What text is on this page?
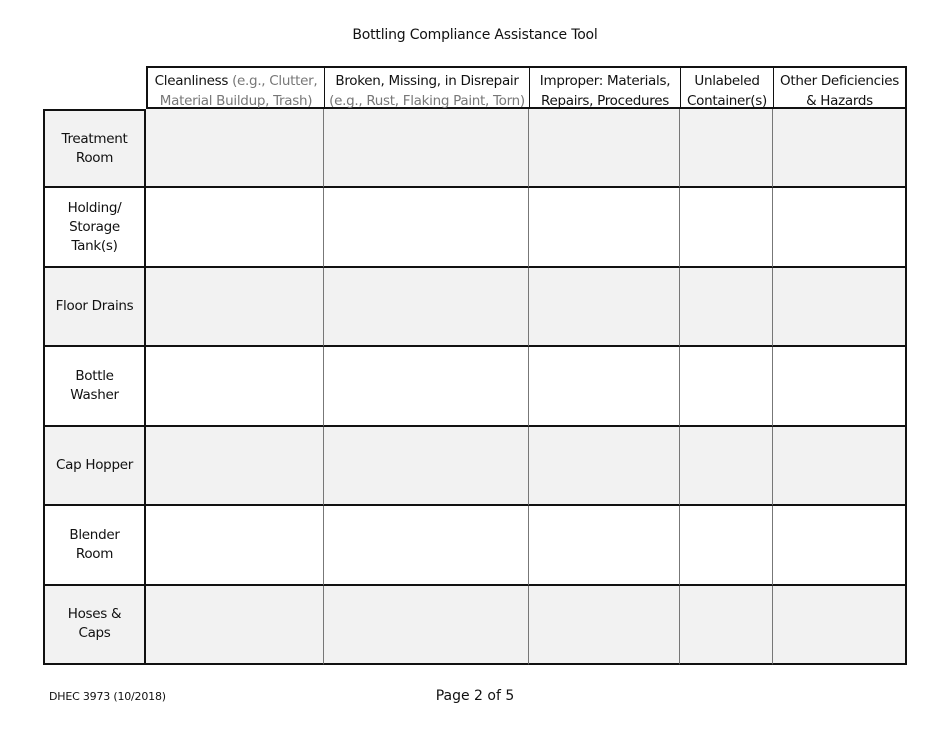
Bottling Compliance Assistance Tool
Cleanliness (e.g., Clutter, Material Buildup, Trash)
Broken, Missing, in Disrepair
(e.g., Rust, Flaking Paint, Torn)
Improper: Materials, Repairs, Procedures
Unlabeled Container(s)
Other Deficiencies & Hazards
Treatment Room
Holding/ Storage Tank(s)
Floor Drains
Bottle Washer
Cap Hopper
Blender Room
Hoses & Caps
DHEC 3973 (10/2018)	Page 2 of 5
